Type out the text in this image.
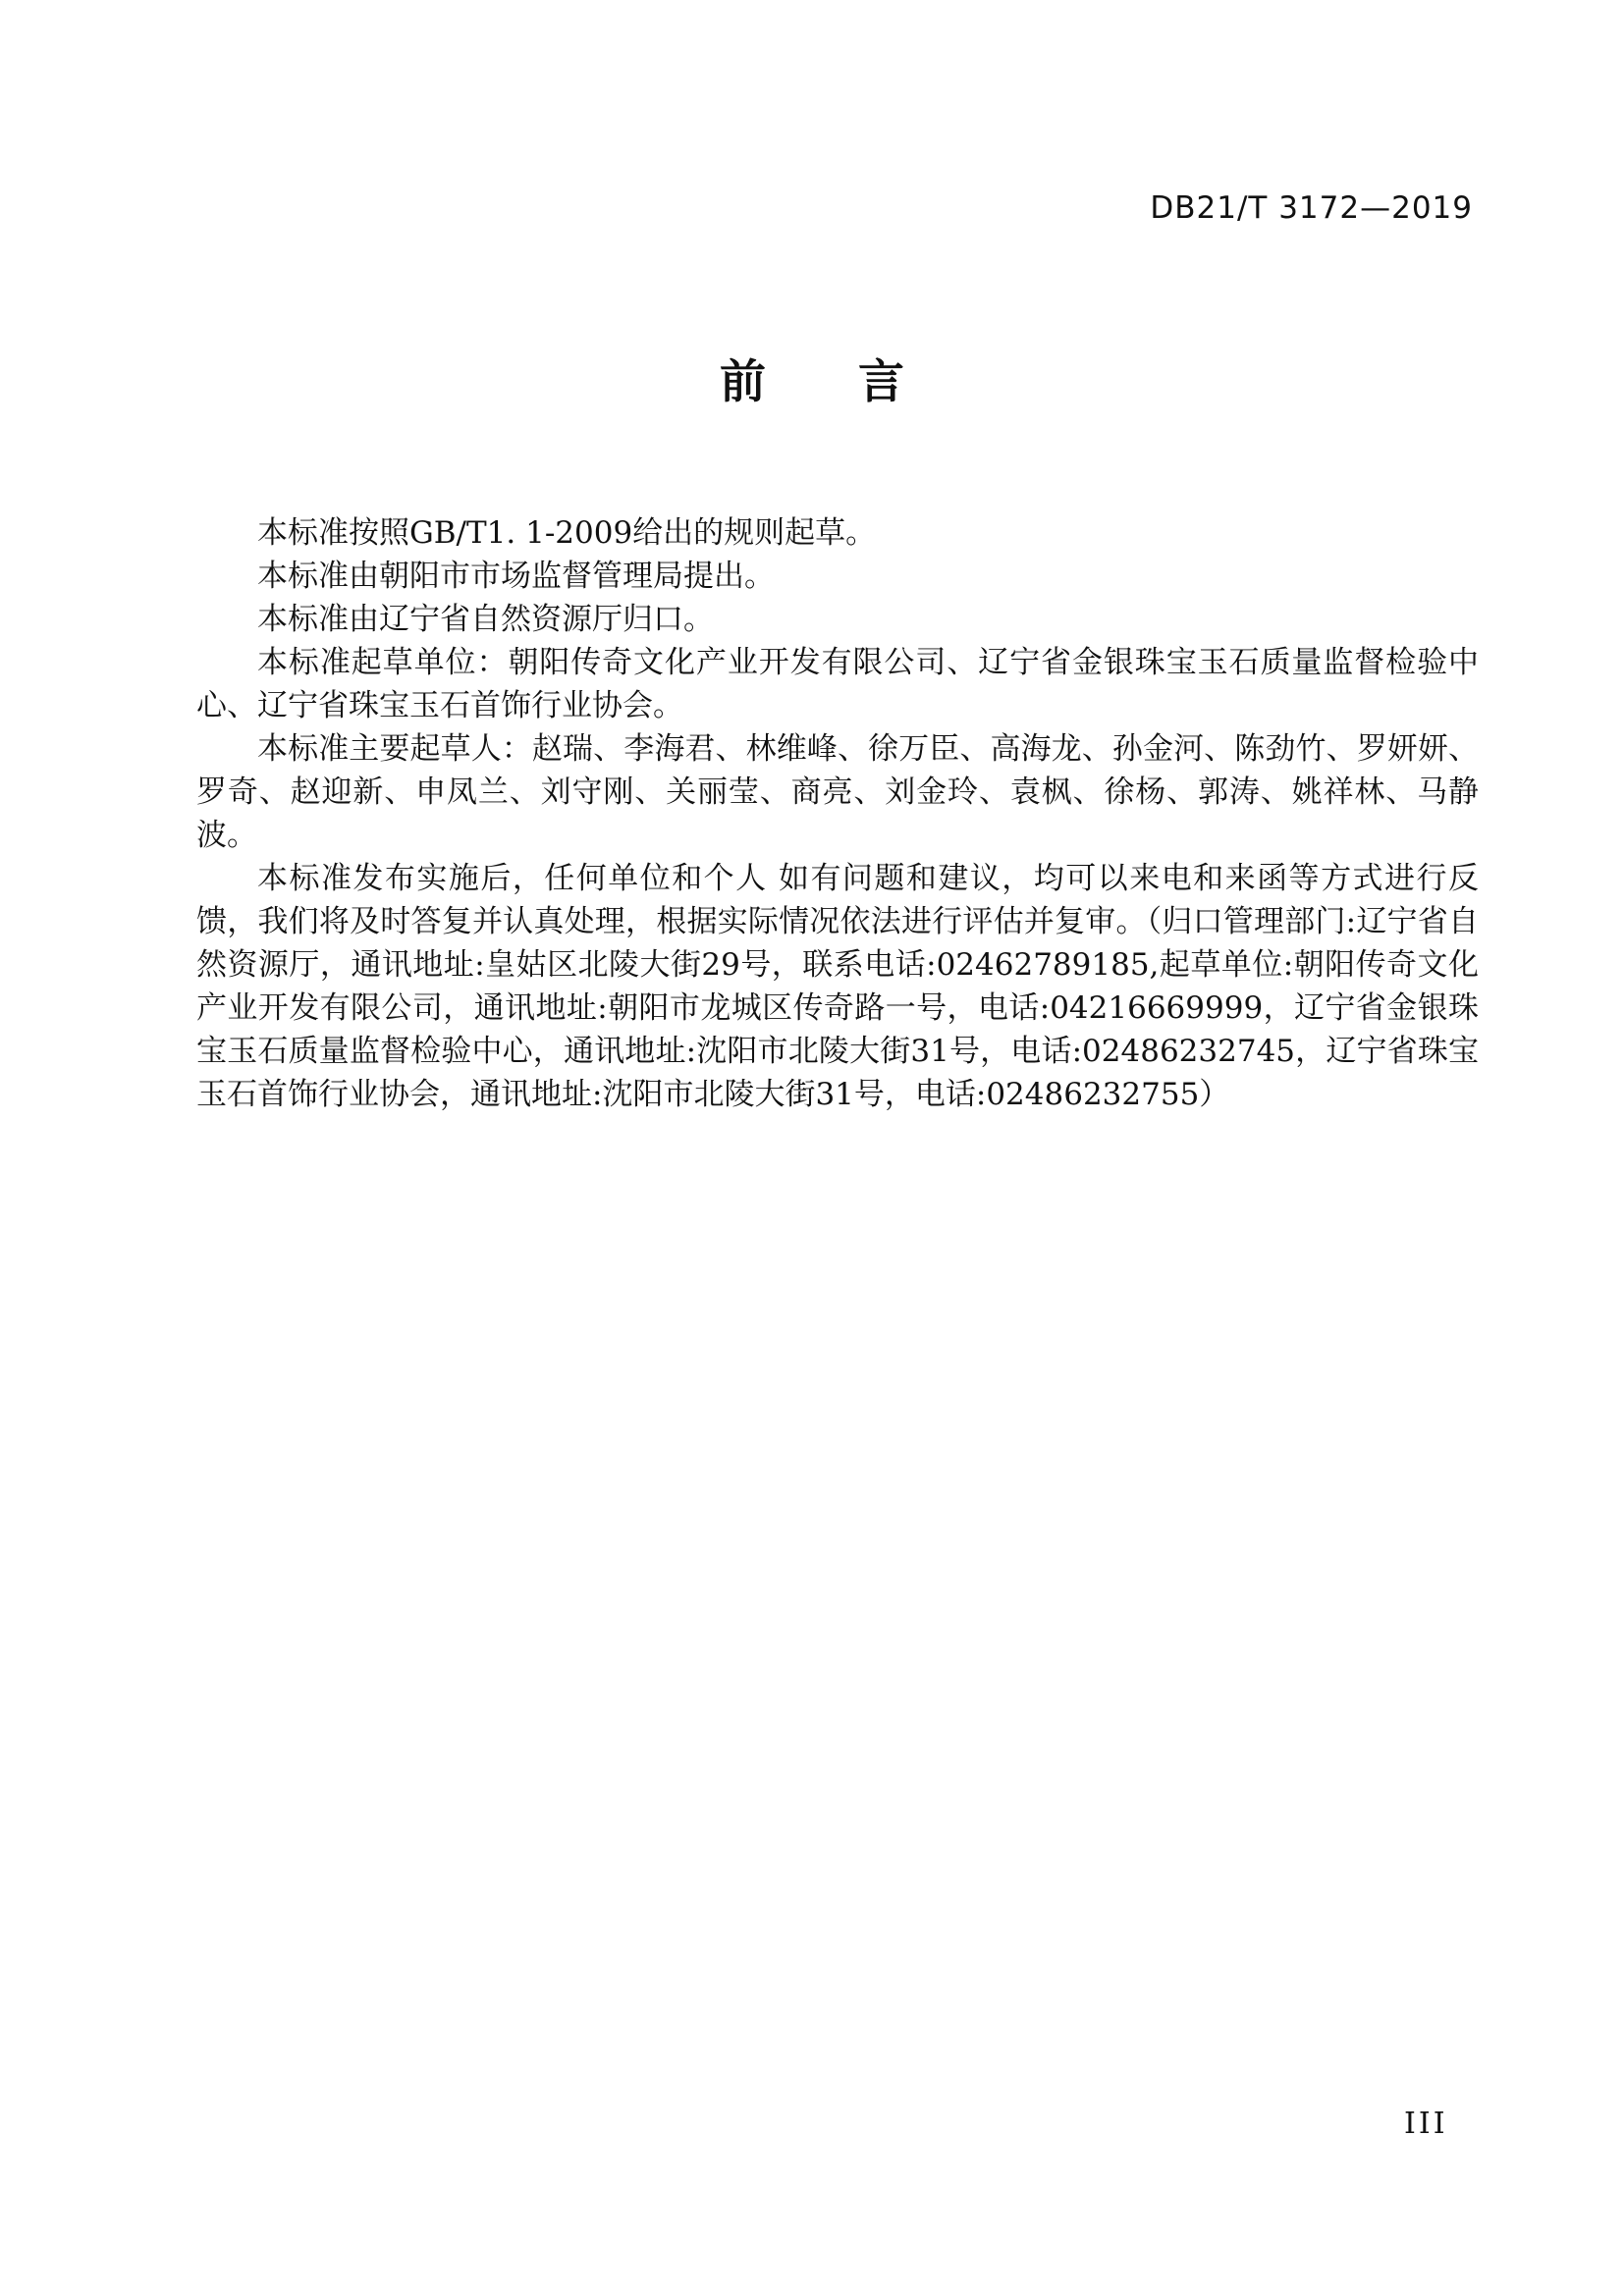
DB21/T 3172—2019
前　　言

本标准按照GB/T1. 1-2009给出的规则起草。

本标准由朝阳市市场监督管理局提出。

本标准由辽宁省自然资源厅归口。

本标准起草单位：朝阳传奇文化产业开发有限公司、辽宁省金银珠宝玉石质量监督检验中心、辽宁省珠宝玉石首饰行业协会。

本标准主要起草人：赵瑞、李海君、林维峰、徐万臣、高海龙、孙金河、陈劲竹、罗妍妍、罗奇、赵迎新、申凤兰、刘守刚、关丽莹、商亮、刘金玲、袁枫、徐杨、郭涛、姚祥林、马静波。

本标准发布实施后，任何单位和个人 如有问题和建议，均可以来电和来函等方式进行反馈，我们将及时答复并认真处理，根据实际情况依法进行评估并复审。（归口管理部门:辽宁省自然资源厅，通讯地址:皇姑区北陵大街29号，联系电话:02462789185,起草单位:朝阳传奇文化产业开发有限公司，通讯地址:朝阳市龙城区传奇路一号，电话:04216669999，辽宁省金银珠宝玉石质量监督检验中心，通讯地址:沈阳市北陵大街31号，电话:02486232745，辽宁省珠宝玉石首饰行业协会，通讯地址:沈阳市北陵大街31号，电话:02486232755）

III
